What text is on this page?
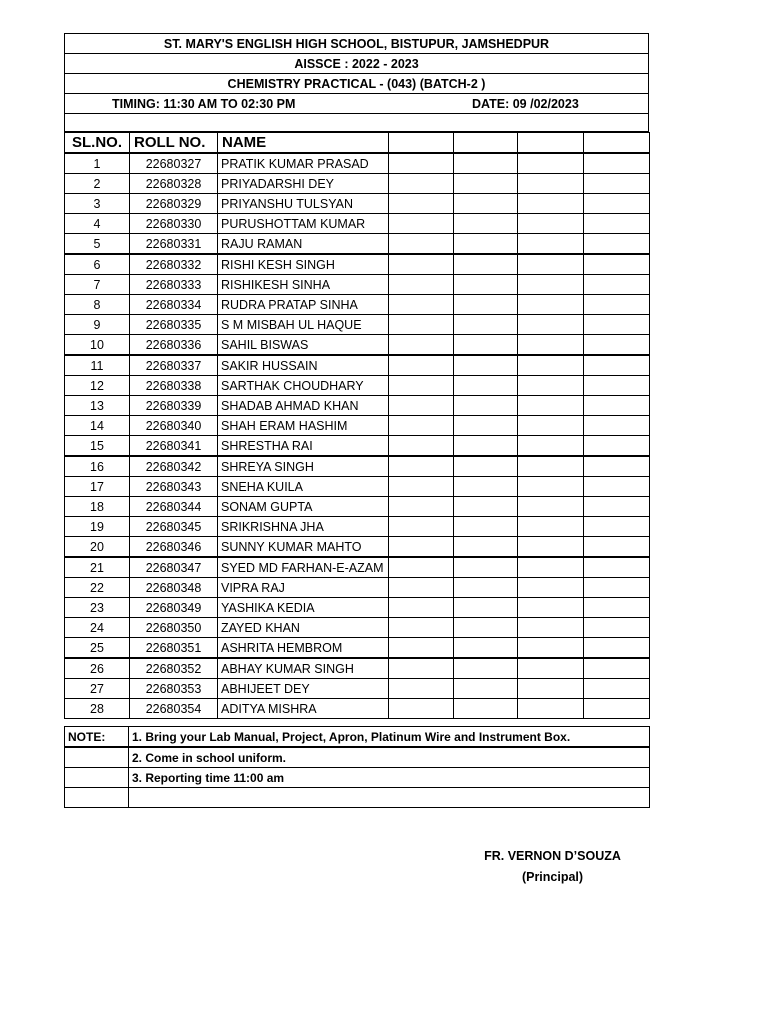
ST. MARY'S ENGLISH HIGH SCHOOL, BISTUPUR, JAMSHEDPUR
AISSCE : 2022 - 2023
CHEMISTRY PRACTICAL - (043) (BATCH-2 )
TIMING: 11:30 AM TO 02:30 PM	DATE: 09 /02/2023

SL.NO.	ROLL NO.	NAME				
1	22680327	PRATIK KUMAR PRASAD				
2	22680328	PRIYADARSHI DEY				
3	22680329	PRIYANSHU TULSYAN				
4	22680330	PURUSHOTTAM KUMAR				
5	22680331	RAJU RAMAN				
6	22680332	RISHI KESH SINGH				
7	22680333	RISHIKESH SINHA				
8	22680334	RUDRA PRATAP SINHA				
9	22680335	S M MISBAH UL HAQUE				
10	22680336	SAHIL BISWAS				
11	22680337	SAKIR HUSSAIN				
12	22680338	SARTHAK CHOUDHARY				
13	22680339	SHADAB AHMAD KHAN				
14	22680340	SHAH ERAM HASHIM				
15	22680341	SHRESTHA RAI				
16	22680342	SHREYA SINGH				
17	22680343	SNEHA KUILA				
18	22680344	SONAM GUPTA				
19	22680345	SRIKRISHNA JHA				
20	22680346	SUNNY KUMAR MAHTO				
21	22680347	SYED MD FARHAN-E-AZAM				
22	22680348	VIPRA RAJ				
23	22680349	YASHIKA KEDIA				
24	22680350	ZAYED KHAN				
25	22680351	ASHRITA HEMBROM				
26	22680352	ABHAY KUMAR SINGH				
27	22680353	ABHIJEET DEY				
28	22680354	ADITYA MISHRA				
NOTE:	1. Bring your Lab Manual, Project, Apron, Platinum Wire and Instrument Box.
	2. Come in school uniform.
	3. Reporting time 11:00 am

FR. VERNON D’SOUZA
(Principal)
